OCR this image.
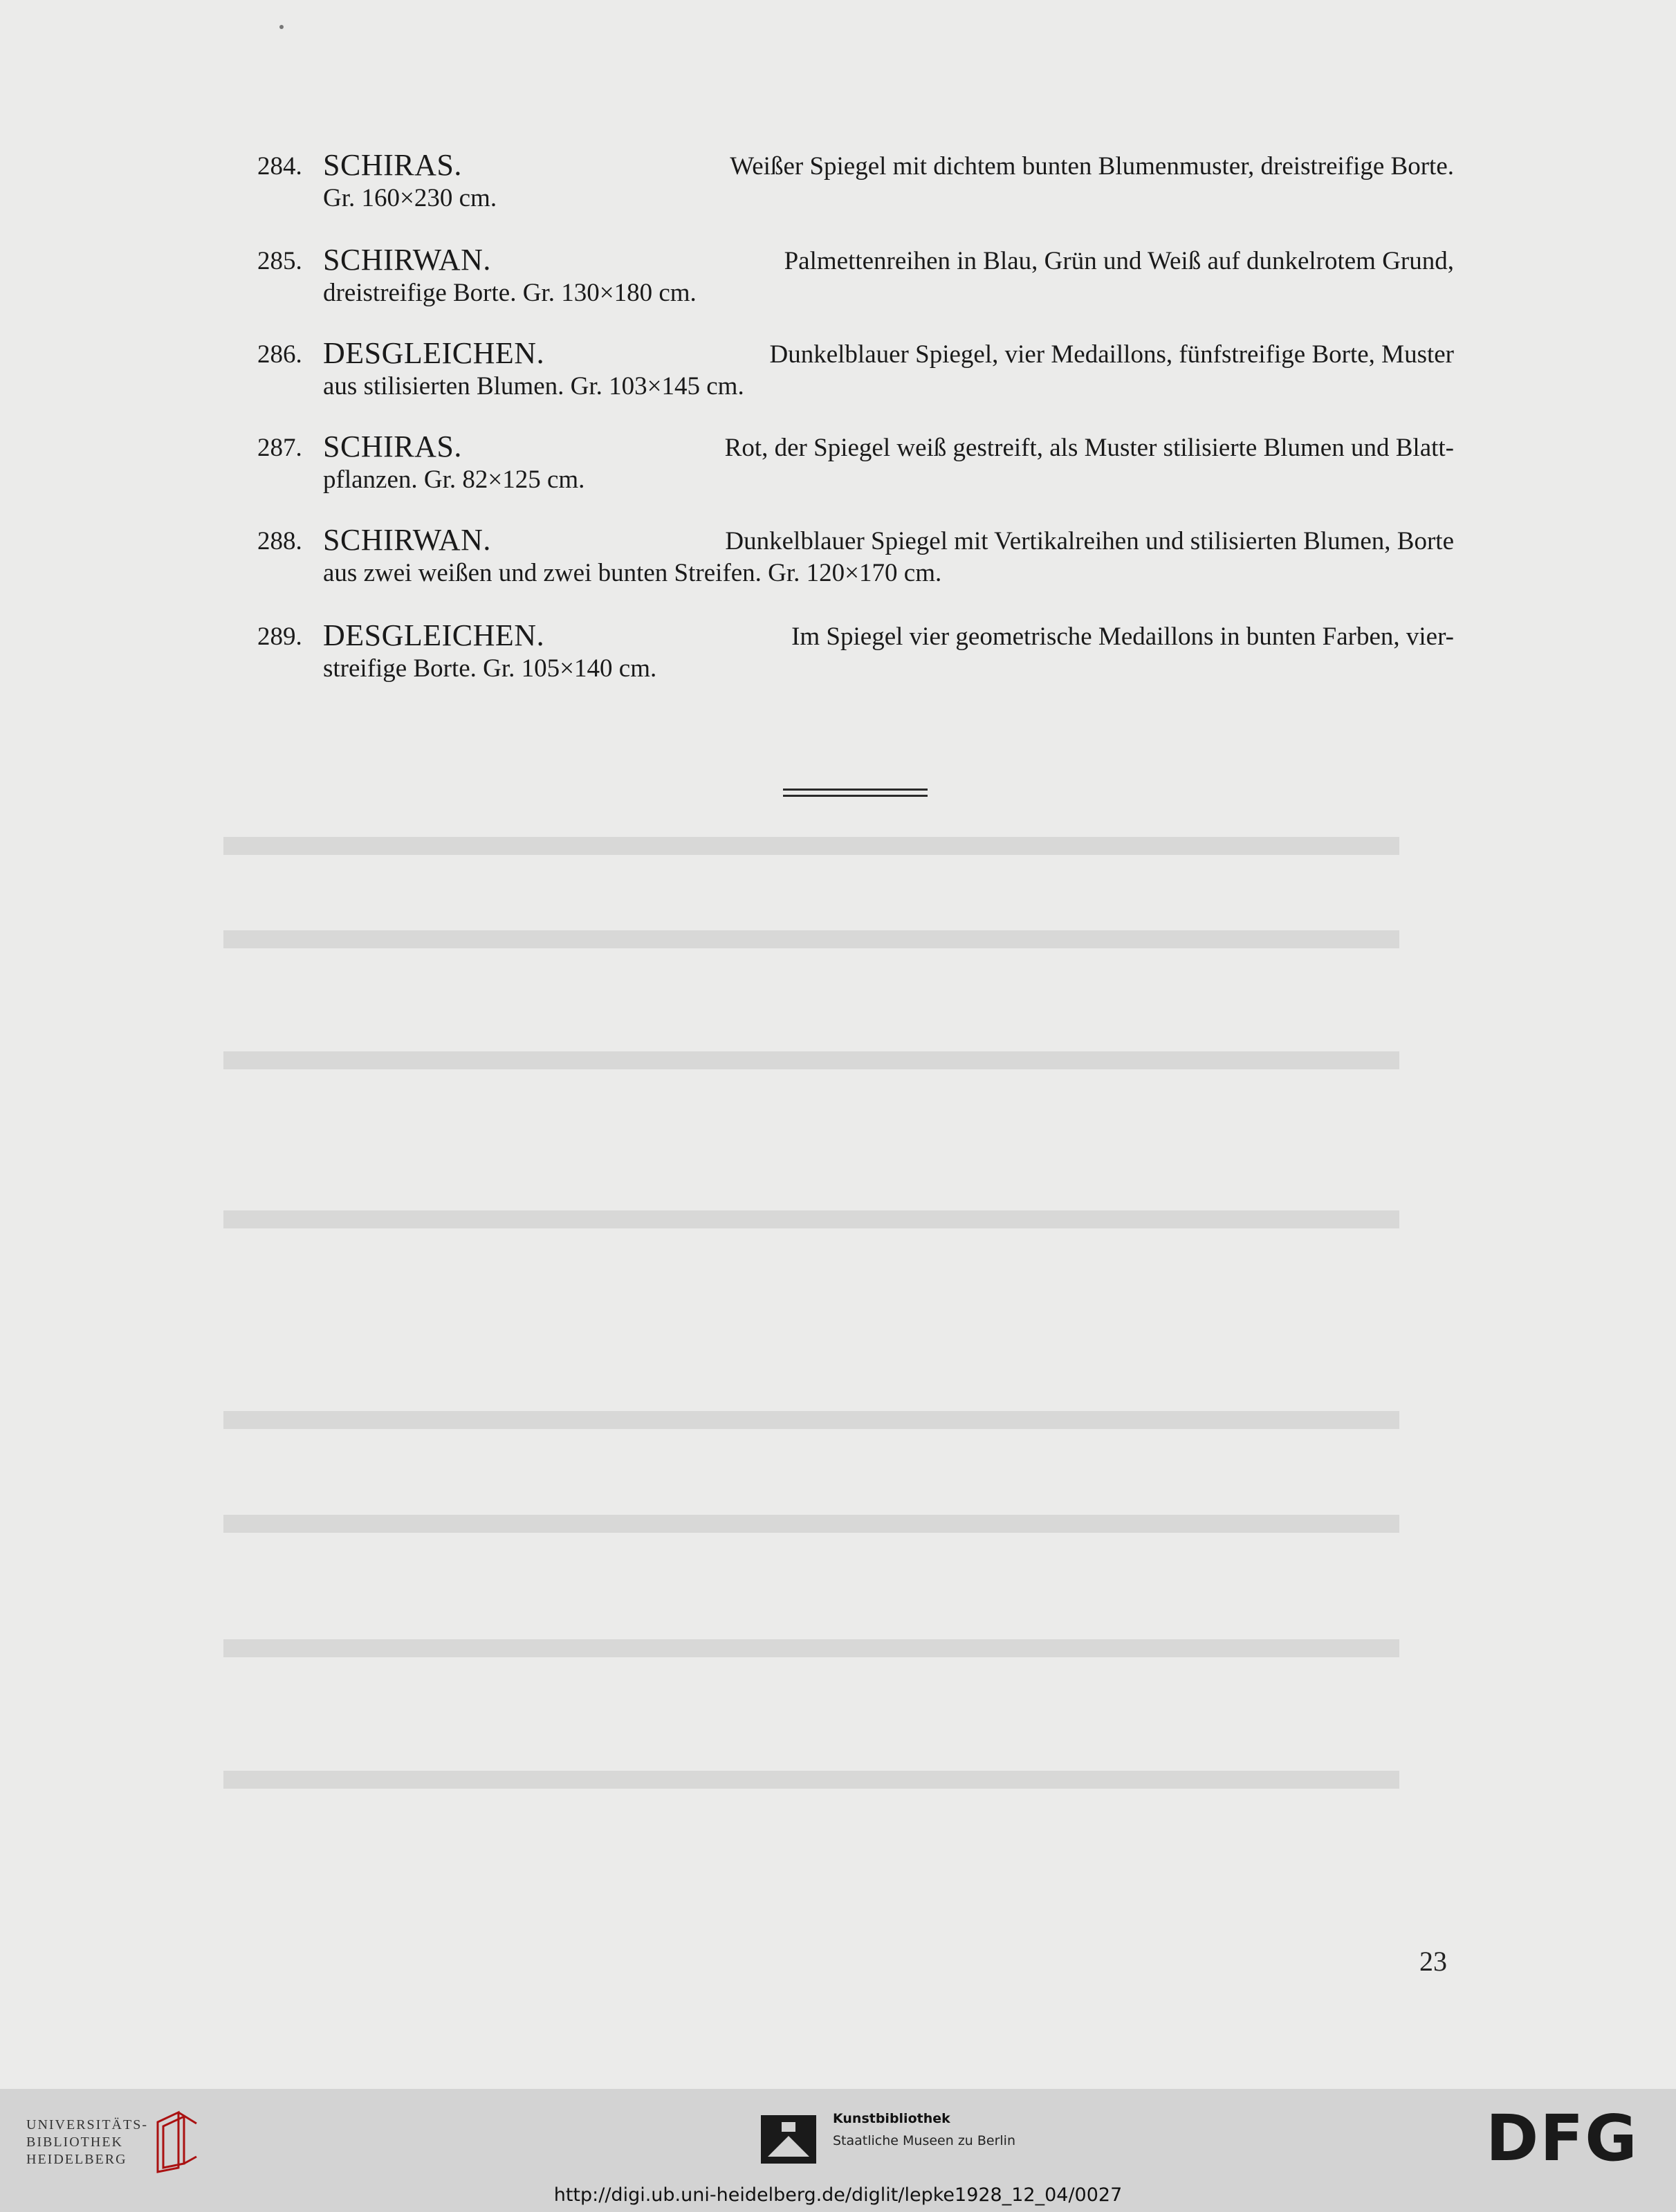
284. SCHIRAS.	Weißer Spiegel mit dichtem bunten Blumenmuster, dreistreifige Borte.
Gr. 160×230 cm.
285. SCHIRWAN.	Palmettenreihen in Blau, Grün und Weiß auf dunkelrotem Grund,
dreistreifige Borte. Gr. 130×180 cm.
286. DESGLEICHEN.	Dunkelblauer Spiegel, vier Medaillons, fünfstreifige Borte, Muster
aus stilisierten Blumen. Gr. 103×145 cm.
287. SCHIRAS.	Rot, der Spiegel weiß gestreift, als Muster stilisierte Blumen und Blatt-
pflanzen. Gr. 82×125 cm.
288. SCHIRWAN.	Dunkelblauer Spiegel mit Vertikalreihen und stilisierten Blumen, Borte
aus zwei weißen und zwei bunten Streifen. Gr. 120×170 cm.
289. DESGLEICHEN.	Im Spiegel vier geometrische Medaillons in bunten Farben, vier-
streifige Borte. Gr. 105×140 cm.
23
UNIVERSITÄTS-
BIBLIOTHEK
HEIDELBERG
Kunstbibliothek
Staatliche Museen zu Berlin	DFG
http://digi.ub.uni-heidelberg.de/diglit/lepke1928_12_04/0027
